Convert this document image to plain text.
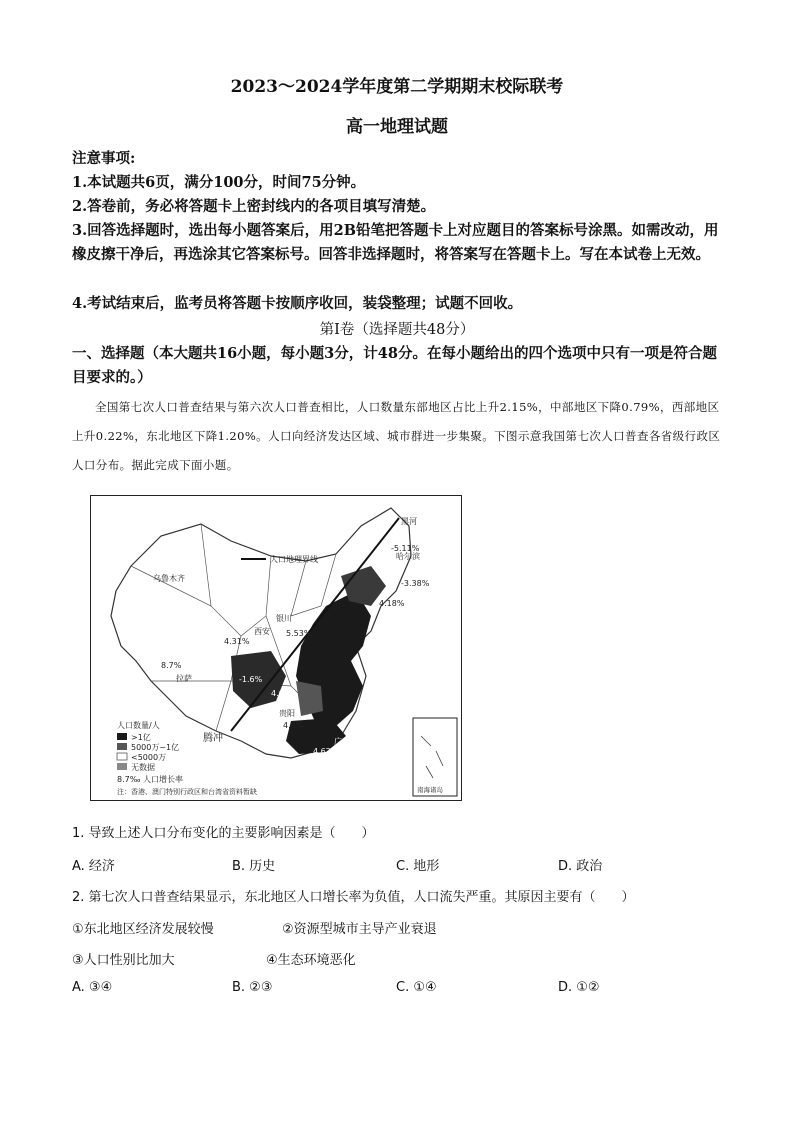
2023～2024学年度第二学期期末校际联考
高一地理试题
注意事项:
1.本试题共6页，满分100分，时间75分钟。
2.答卷前，务必将答题卡上密封线内的各项目填写清楚。
3.回答选择题时，选出每小题答案后，用2B铅笔把答题卡上对应题目的答案标号涂黑。如需改动，用橡皮擦干净后，再选涂其它答案标号。回答非选择题时，将答案写在答题卡上。写在本试卷上无效。
4.考试结束后，监考员将答题卡按顺序收回，装袋整理；试题不回收。
第Ⅰ卷（选择题共48分）
一、选择题（本大题共16小题，每小题3分，计48分。在每小题给出的四个选项中只有一项是符合题目要求的。）
全国第七次人口普查结果与第六次人口普查相比，人口数量东部地区占比上升2.15%，中部地区下降0.79%，西部地区上升0.22%，东北地区下降1.20%。人口向经济发达区域、城市群进一步集聚。下图示意我国第七次人口普查各省级行政区人口分布。据此完成下面小题。
人口地理界线
黑河
腾冲
乌鲁木齐
哈尔滨
银川
西安
拉萨
广州
贵阳
-5.11%
-3.38%
4.18%
4.31%
5.53%
8.7%
-1.6%
4.62%
4.9%
4.6%
人口数量/人
>1亿
5000万~1亿
<5000万
无数据
8.7‰ 人口增长率
注：香港、澳门特别行政区和台湾省资料暂缺	南海诸岛
1. 导致上述人口分布变化的主要影响因素是（　　）
A. 经济	B. 历史	C. 地形	D. 政治
2. 第七次人口普查结果显示，东北地区人口增长率为负值，人口流失严重。其原因主要有（　　）
①东北地区经济发展较慢	②资源型城市主导产业衰退
③人口性别比加大	④生态环境恶化
A. ③④	B. ②③	C. ①④	D. ①②
